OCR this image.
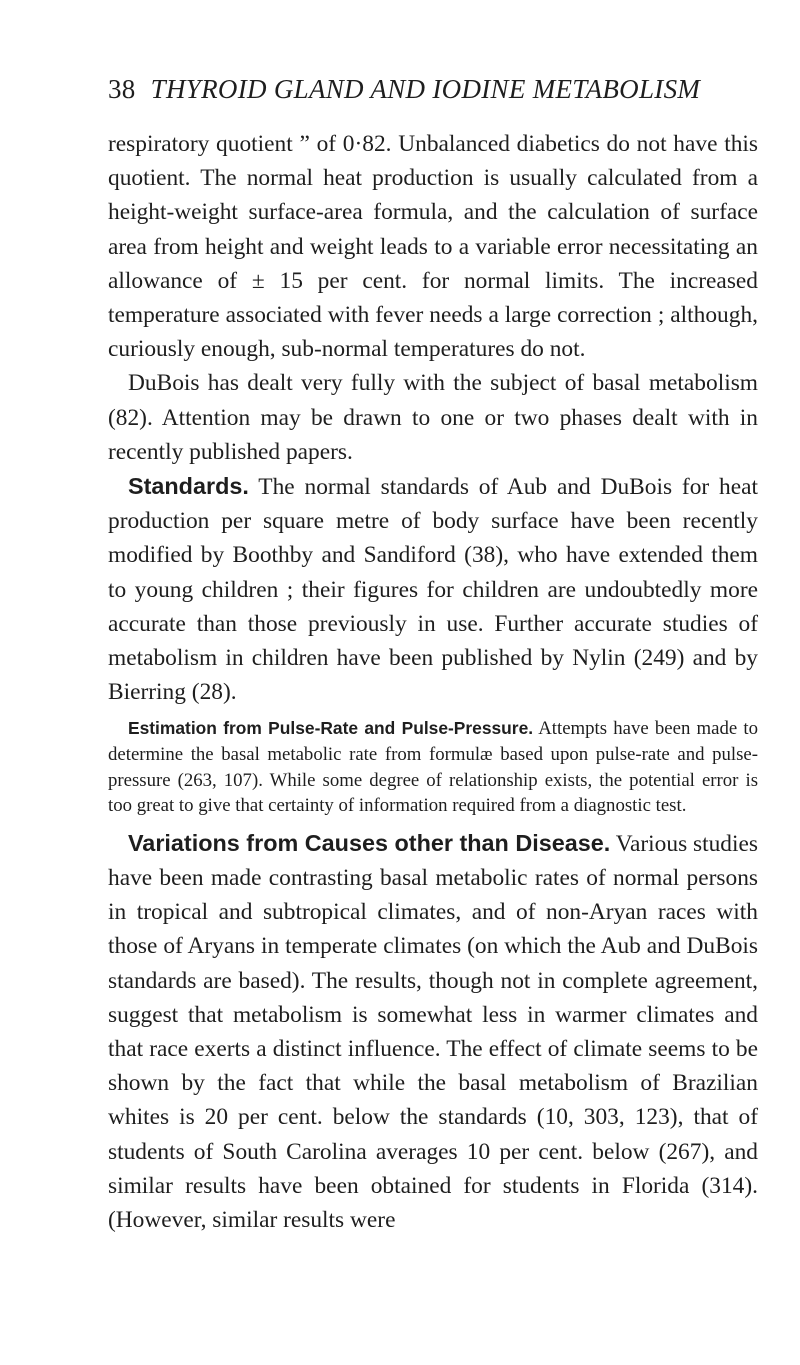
38 THYROID GLAND AND IODINE METABOLISM

respiratory quotient ” of 0·82. Unbalanced diabetics do not have this quotient. The normal heat production is usually calculated from a height-weight surface-area formula, and the calculation of surface area from height and weight leads to a variable error necessitating an allowance of ± 15 per cent. for normal limits. The increased temperature associated with fever needs a large correction ; although, curiously enough, sub-normal temperatures do not.

DuBois has dealt very fully with the subject of basal metabolism (82). Attention may be drawn to one or two phases dealt with in recently published papers.

Standards. The normal standards of Aub and DuBois for heat production per square metre of body surface have been recently modified by Boothby and Sandiford (38), who have extended them to young children ; their figures for children are undoubtedly more accurate than those previously in use. Further accurate studies of metabolism in children have been published by Nylin (249) and by Bierring (28).

Estimation from Pulse-Rate and Pulse-Pressure. Attempts have been made to determine the basal metabolic rate from formulæ based upon pulse-rate and pulse-pressure (263, 107). While some degree of relationship exists, the potential error is too great to give that certainty of information required from a diagnostic test.

Variations from Causes other than Disease. Various studies have been made contrasting basal metabolic rates of normal persons in tropical and subtropical climates, and of non-Aryan races with those of Aryans in temperate climates (on which the Aub and DuBois standards are based). The results, though not in complete agreement, suggest that metabolism is somewhat less in warmer climates and that race exerts a distinct influence. The effect of climate seems to be shown by the fact that while the basal metabolism of Brazilian whites is 20 per cent. below the standards (10, 303, 123), that of students of South Carolina averages 10 per cent. below (267), and similar results have been obtained for students in Florida (314). (However, similar results were
